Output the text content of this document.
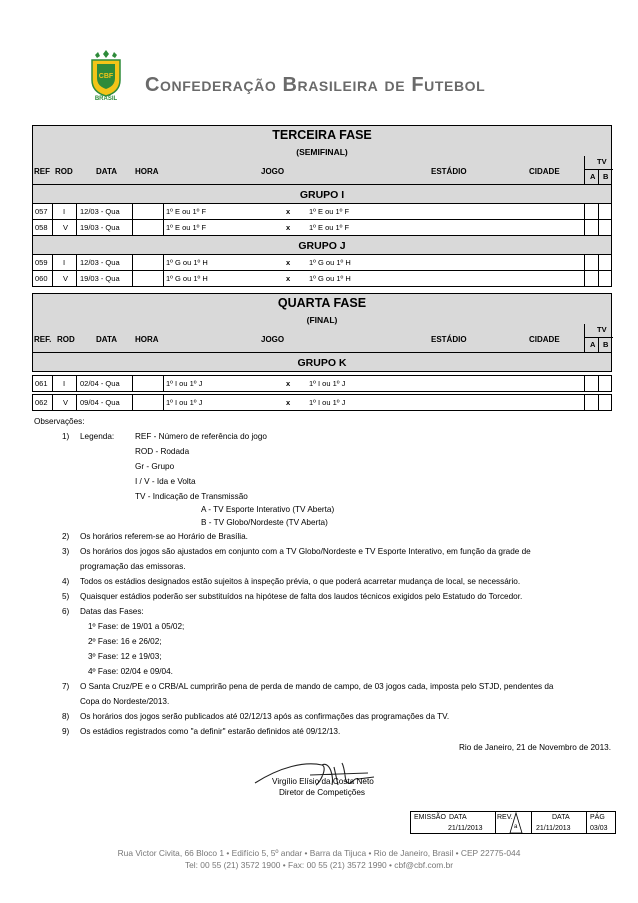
CBF
BRASIL
Confederação Brasileira de Futebol
TERCEIRA FASE
(SEMIFINAL)
REF ROD	DATA HORA	JOGO	ESTÁDIO	CIDADE
TV
A B
GRUPO I
057 I 12/03 - Qua	1º E ou 1º F	x	1º E ou 1º F
058 V 19/03 - Qua	1º E ou 1º F	x	1º E ou 1º F
GRUPO J
059 I 12/03 - Qua	1º G ou 1º H	x	1º G ou 1º H
060 V 19/03 - Qua	1º G ou 1º H	x	1º G ou 1º H
QUARTA FASE
(FINAL)
REF. ROD	DATA HORA	JOGO	ESTÁDIO	CIDADE
TV
A B
GRUPO K
061 I 02/04 - Qua	1º I ou 1º J	x	1º I ou 1º J
062 V 09/04 - Qua	1º I ou 1º J	x	1º I ou 1º J
Observações:
1) Legenda:	REF - Número de referência do jogo
ROD - Rodada
Gr - Grupo
I / V - Ida e Volta
TV - Indicação de Transmissão
A - TV Esporte Interativo (TV Aberta)
B - TV Globo/Nordeste (TV Aberta)
2) Os horários referem-se ao Horário de Brasília.
3) Os horários dos jogos são ajustados em conjunto com a TV Globo/Nordeste e TV Esporte Interativo, em função da grade de
programação das emissoras.
4) Todos os estádios designados estão sujeitos à inspeção prévia, o que poderá acarretar mudança de local, se necessário.
5) Quaisquer estádios poderão ser substituídos na hipótese de falta dos laudos técnicos exigidos pelo Estatudo do Torcedor.
6) Datas das Fases:
1º Fase: de 19/01 a 05/02;
2º Fase: 16 e 26/02;
3º Fase: 12 e 19/03;
4º Fase: 02/04 e 09/04.
7) O Santa Cruz/PE e o CRB/AL cumprirão pena de perda de mando de campo, de 03 jogos cada, imposta pelo STJD, pendentes da
Copa do Nordeste/2013.
8) Os horários dos jogos serão publicados até 02/12/13 após as confirmações das programações da TV.
9) Os estádios registrados como "a definir" estarão definidos até 09/12/13.
Rio de Janeiro, 21 de Novembro de 2013.
Virgílio Elísio da Costa Neto
Diretor de Competições
EMISSÃO DATA
21/11/2013
REV.
a
DATA
21/11/2013
PÁG
03/03
Rua Victor Civita, 66 Bloco 1 • Edifício 5, 5º andar • Barra da Tijuca • Rio de Janeiro, Brasil • CEP 22775-044
Tel: 00 55 (21) 3572 1900 • Fax: 00 55 (21) 3572 1990 • cbf@cbf.com.br
